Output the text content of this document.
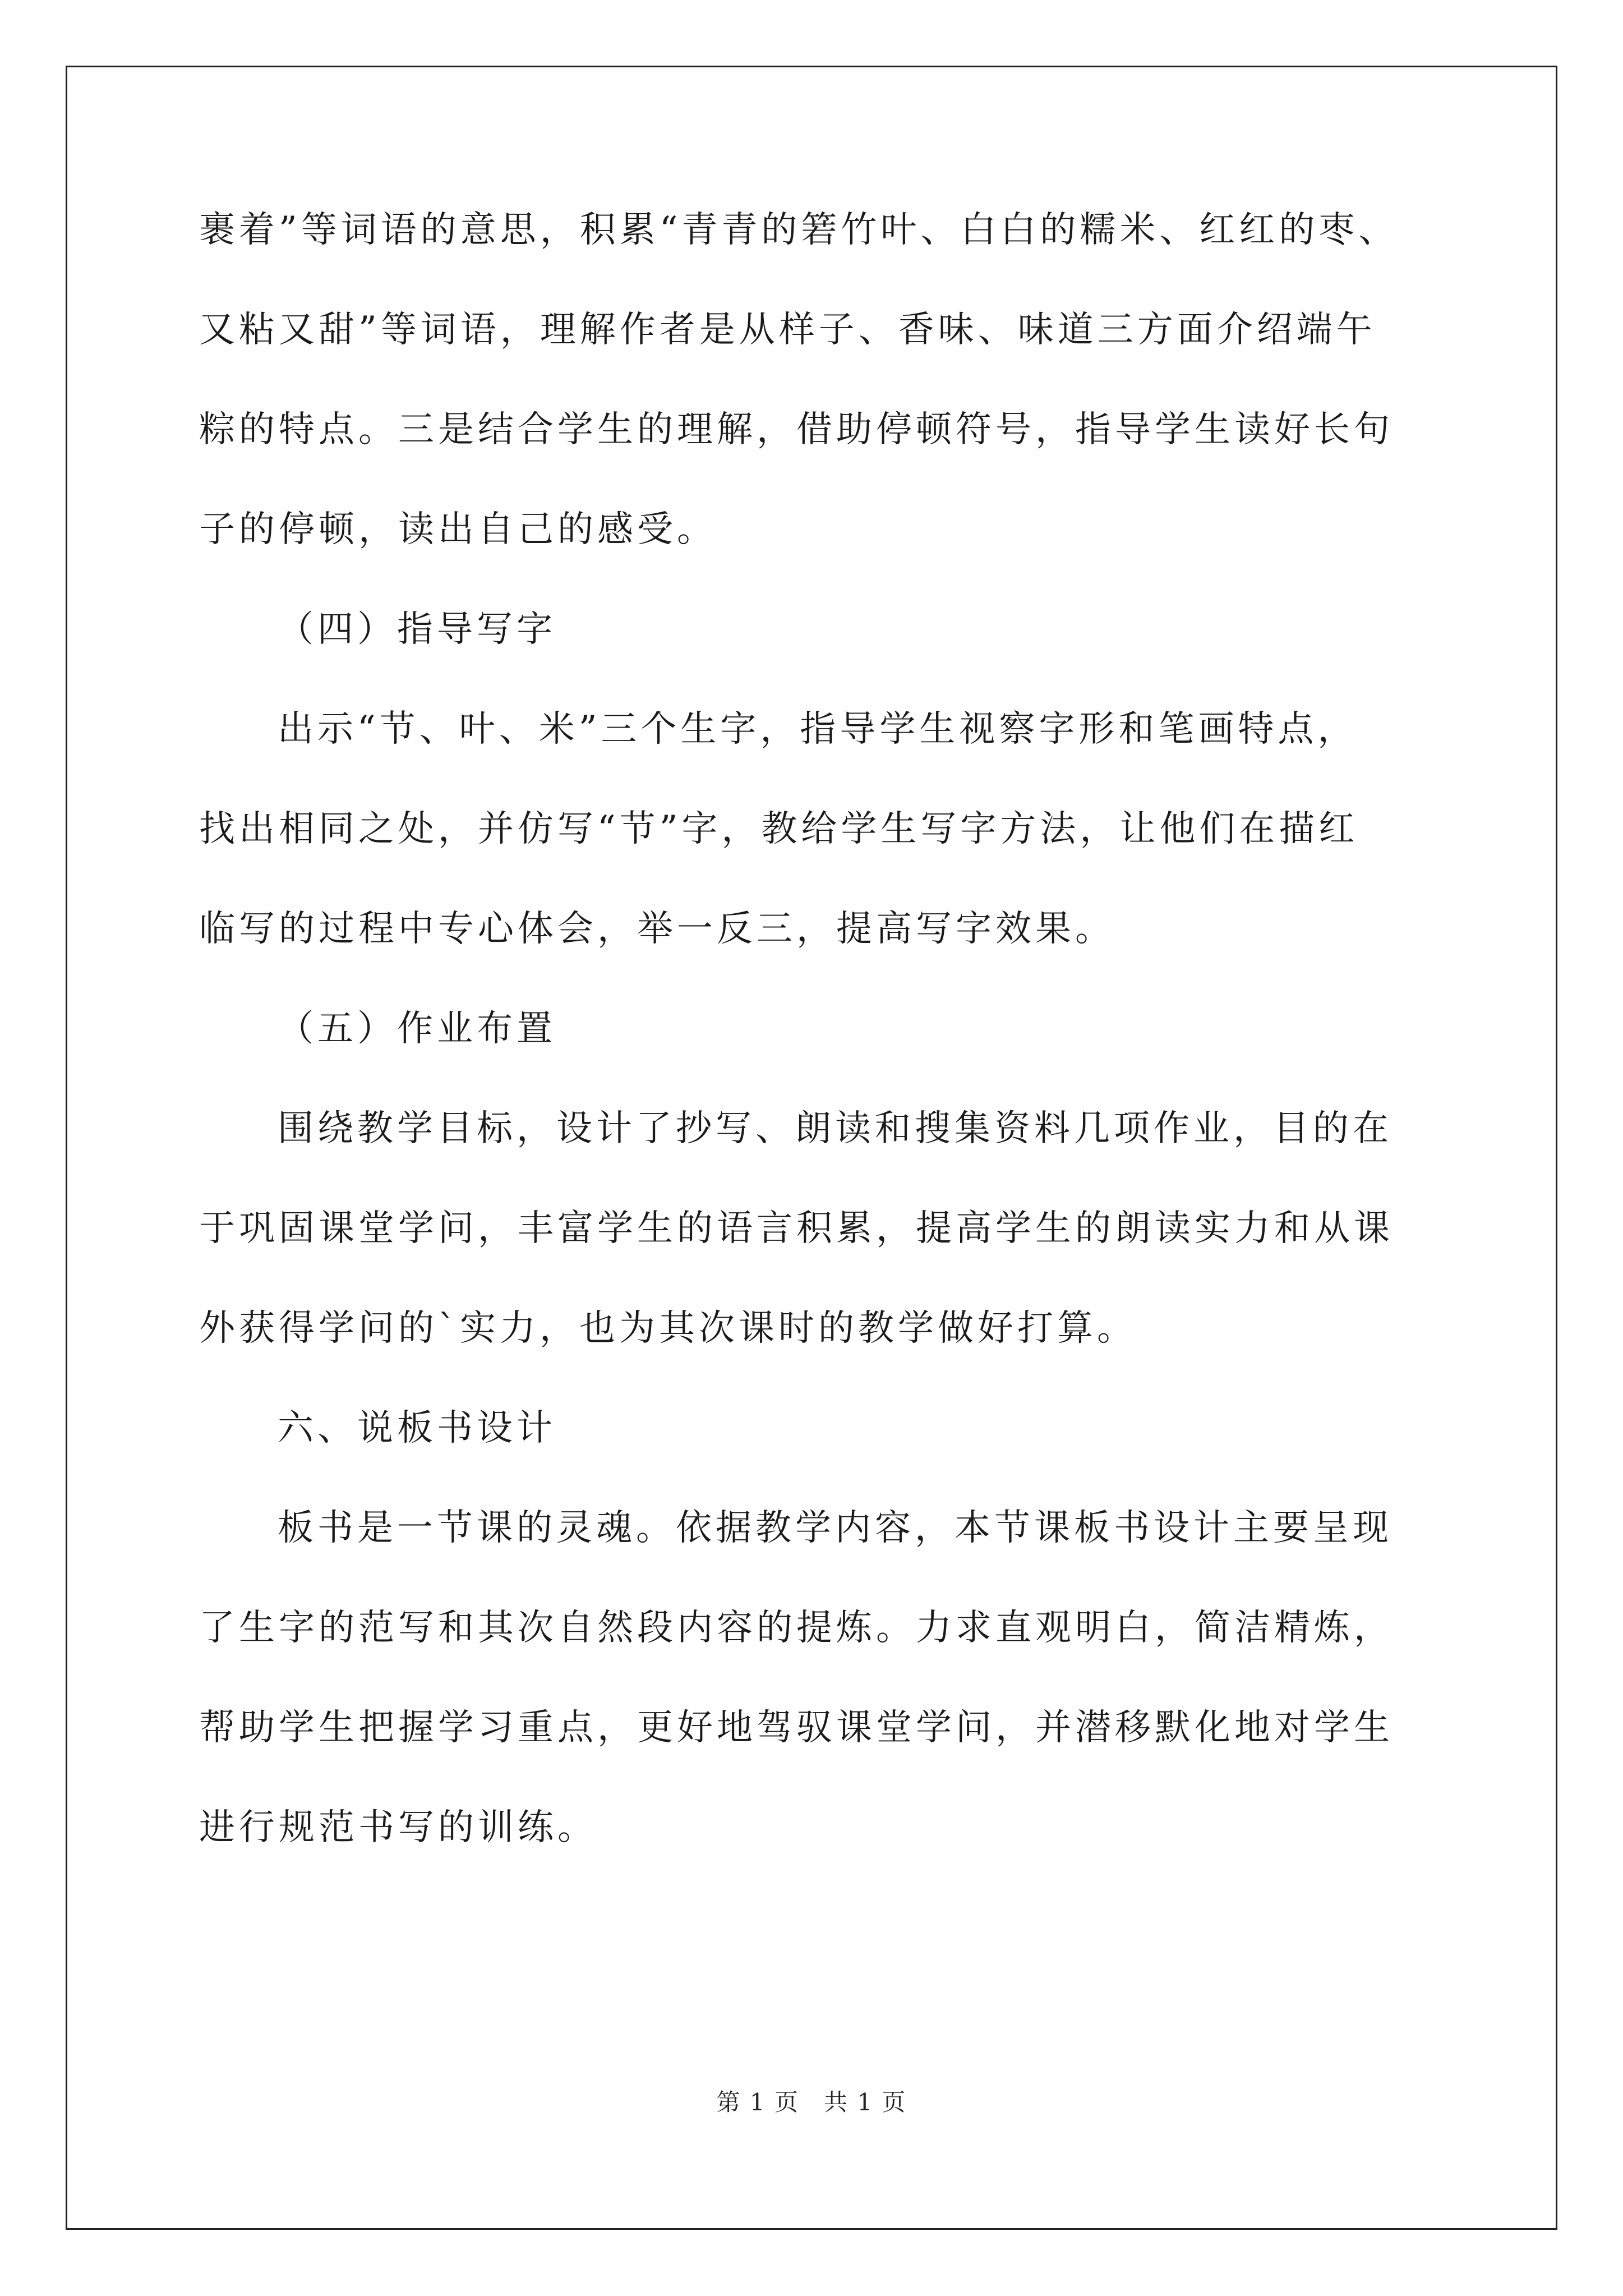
裹着”等词语的意思，积累“青青的箬竹叶、白白的糯米、红红的枣、
又粘又甜”等词语，理解作者是从样子、香味、味道三方面介绍端午
粽的特点。三是结合学生的理解，借助停顿符号，指导学生读好长句
子的停顿，读出自己的感受。
（四）指导写字
出示“节、叶、米”三个生字，指导学生视察字形和笔画特点，
找出相同之处，并仿写“节”字，教给学生写字方法，让他们在描红
临写的过程中专心体会，举一反三，提高写字效果。
（五）作业布置
围绕教学目标，设计了抄写、朗读和搜集资料几项作业，目的在
于巩固课堂学问，丰富学生的语言积累，提高学生的朗读实力和从课
外获得学问的`实力，也为其次课时的教学做好打算。
六、说板书设计
板书是一节课的灵魂。依据教学内容，本节课板书设计主要呈现
了生字的范写和其次自然段内容的提炼。力求直观明白，简洁精炼，
帮助学生把握学习重点，更好地驾驭课堂学问，并潜移默化地对学生
进行规范书写的训练。
第 1 页　共 1 页
